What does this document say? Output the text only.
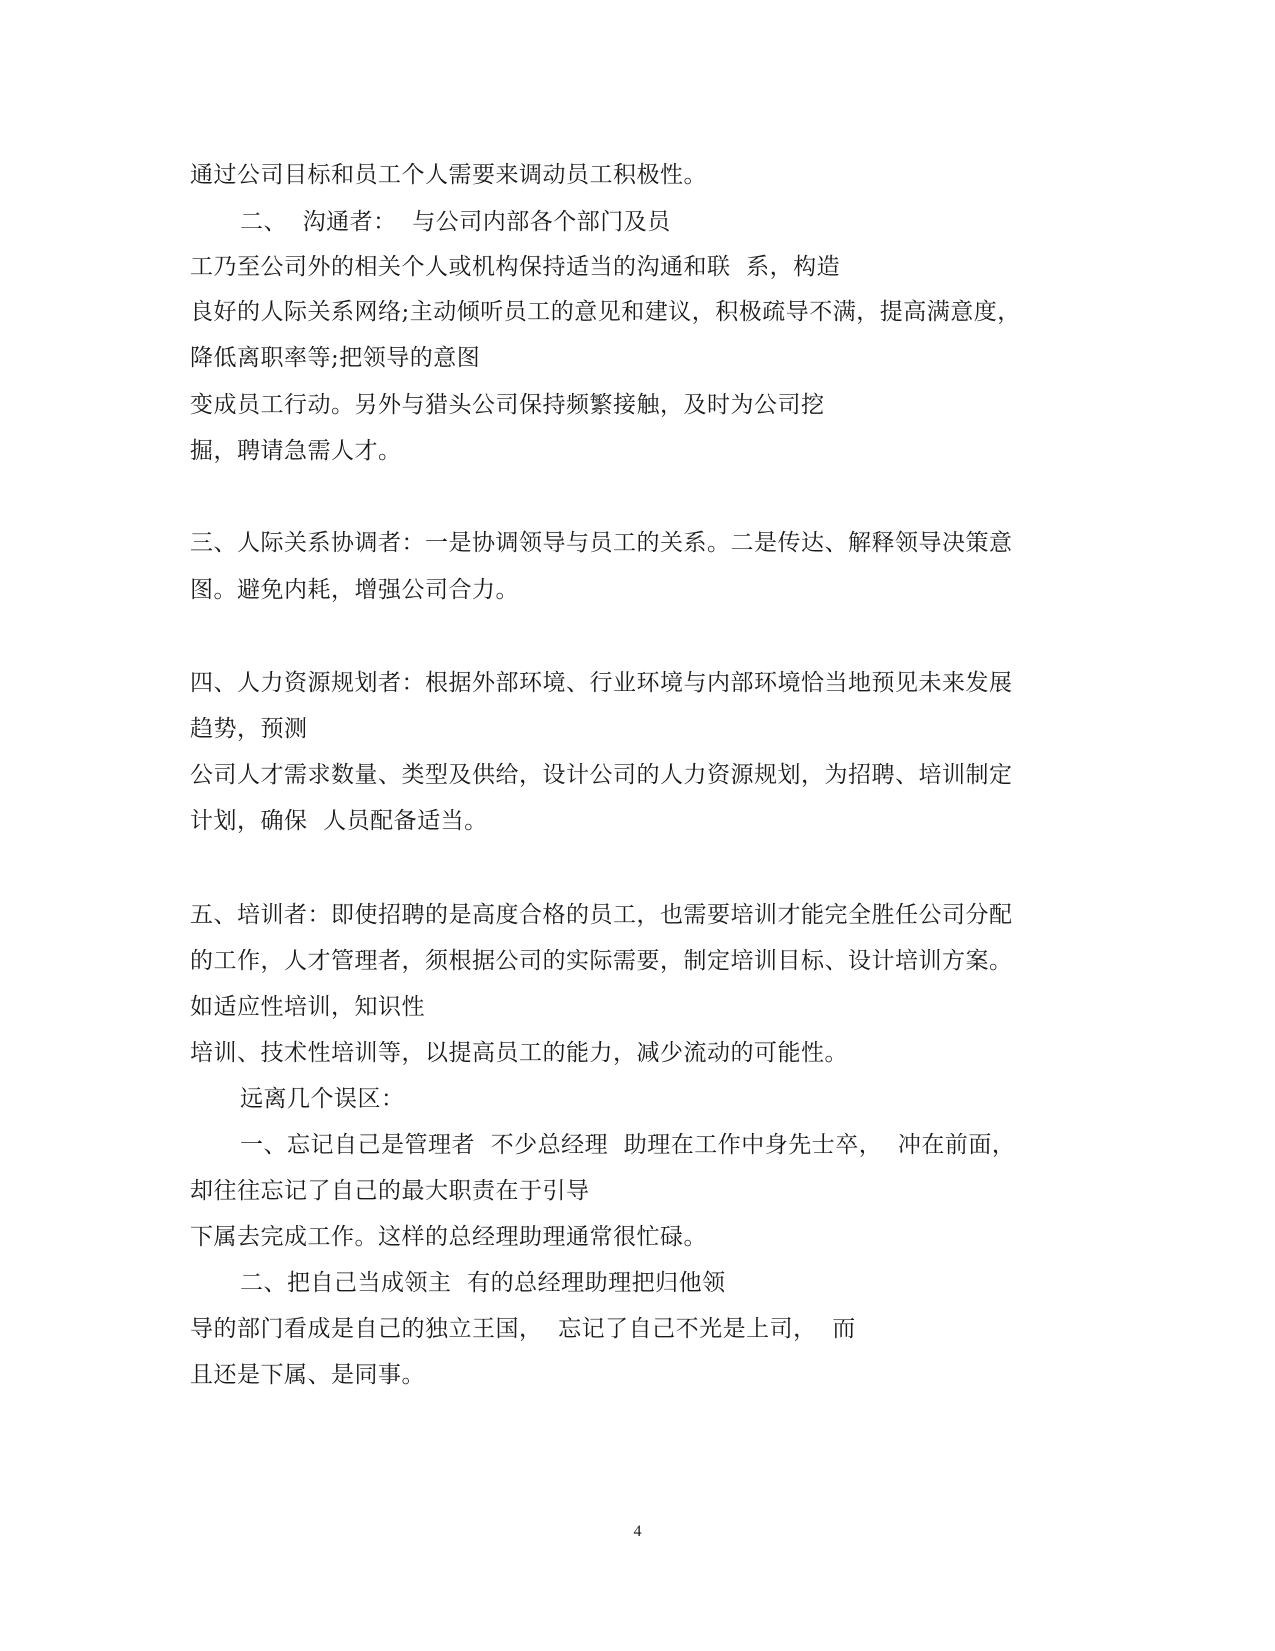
通过公司目标和员工个人需要来调动员工积极性。
二、  沟通者：  与公司内部各个部门及员
工乃至公司外的相关个人或机构保持适当的沟通和联  系，构造
良好的人际关系网络;主动倾听员工的意见和建议，积极疏导不满，提高满意度，
降低离职率等;把领导的意图
变成员工行动。另外与猎头公司保持频繁接触，及时为公司挖
掘，聘请急需人才。
三、人际关系协调者：一是协调领导与员工的关系。二是传达、解释领导决策意
图。避免内耗，增强公司合力。
四、人力资源规划者：根据外部环境、行业环境与内部环境恰当地预见未来发展
趋势，预测
公司人才需求数量、类型及供给，设计公司的人力资源规划，为招聘、培训制定
计划，确保  人员配备适当。
五、培训者：即使招聘的是高度合格的员工，也需要培训才能完全胜任公司分配
的工作，人才管理者，须根据公司的实际需要，制定培训目标、设计培训方案。
如适应性培训，知识性
培训、技术性培训等，以提高员工的能力，减少流动的可能性。
远离几个误区：
一、忘记自己是管理者  不少总经理  助理在工作中身先士卒，  冲在前面，
却往往忘记了自己的最大职责在于引导
下属去完成工作。这样的总经理助理通常很忙碌。
二、把自己当成领主  有的总经理助理把归他领
导的部门看成是自己的独立王国，  忘记了自己不光是上司，  而
且还是下属、是同事。
4
